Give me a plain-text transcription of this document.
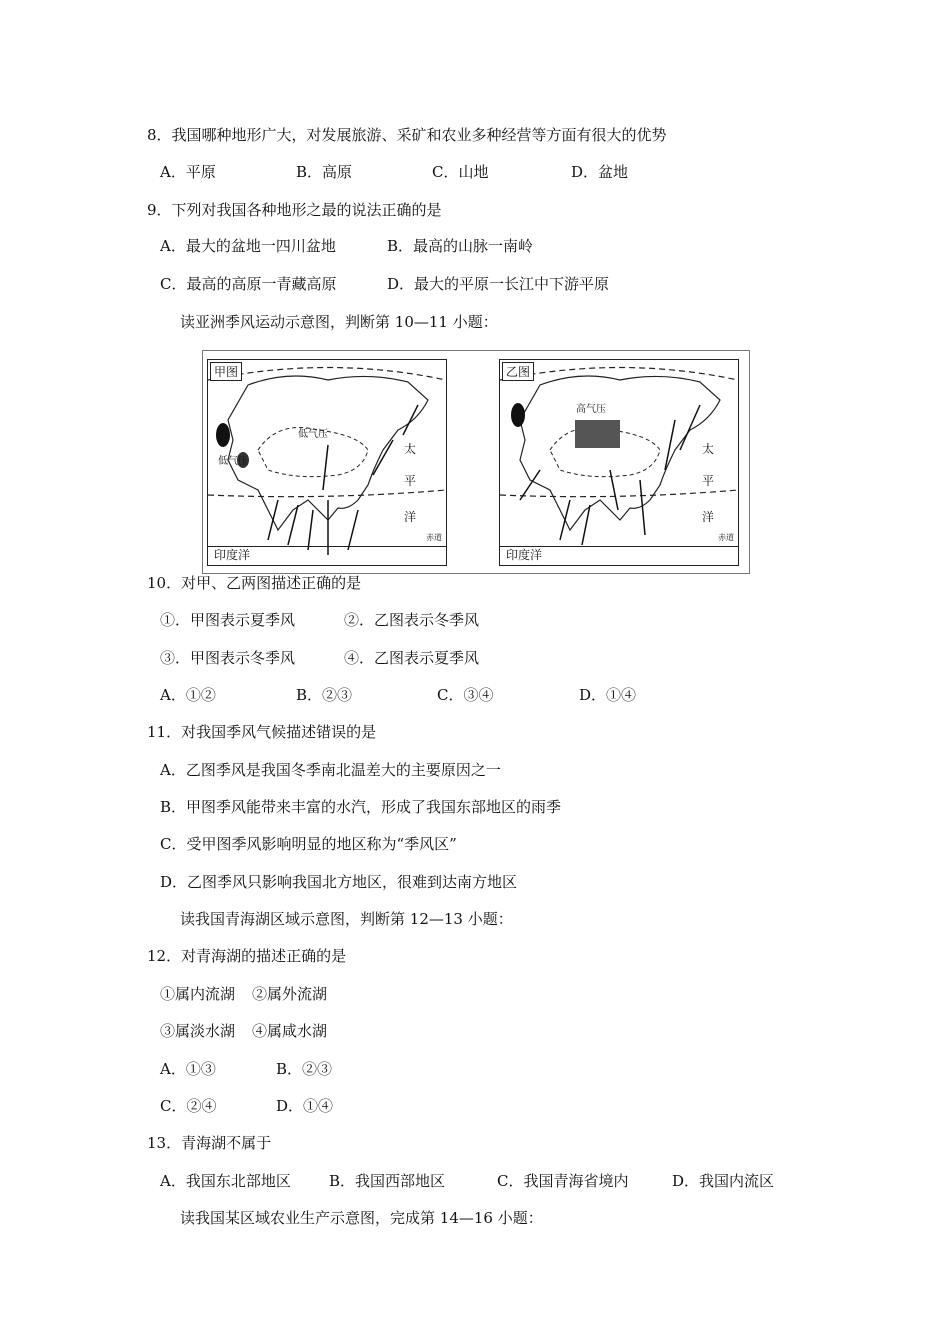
8．我国哪种地形广大，对发展旅游、采矿和农业多种经营等方面有很大的优势
A．平原	B．高原	C．山地	D．盆地
9．下列对我国各种地形之最的说法正确的是
A．最大的盆地一四川盆地	B．最高的山脉一南岭
C．最高的高原一青藏高原	D．最大的平原一长江中下游平原
读亚洲季风运动示意图，判断第 10—11 小题：
甲图
低气压
低气压
太
平
洋
赤道
印度洋
乙图
高气压
太
平
洋
赤道
印度洋
10．对甲、乙两图描述正确的是
①．甲图表示夏季风	②．乙图表示冬季风
③．甲图表示冬季风	④．乙图表示夏季风
A．①②	B．②③	C．③④	D．①④
11．对我国季风气候描述错误的是
A．乙图季风是我国冬季南北温差大的主要原因之一
B．甲图季风能带来丰富的水汽，形成了我国东部地区的雨季
C．受甲图季风影响明显的地区称为“季风区”
D．乙图季风只影响我国北方地区，很难到达南方地区
读我国青海湖区域示意图，判断第 12—13 小题：
12．对青海湖的描述正确的是
①属内流湖 ②属外流湖
③属淡水湖 ④属咸水湖
A．①③	B．②③
C．②④	D．①④
13．青海湖不属于
A．我国东北部地区	B．我国西部地区	C．我国青海省境内	D．我国内流区
读我国某区域农业生产示意图，完成第 14—16 小题：
